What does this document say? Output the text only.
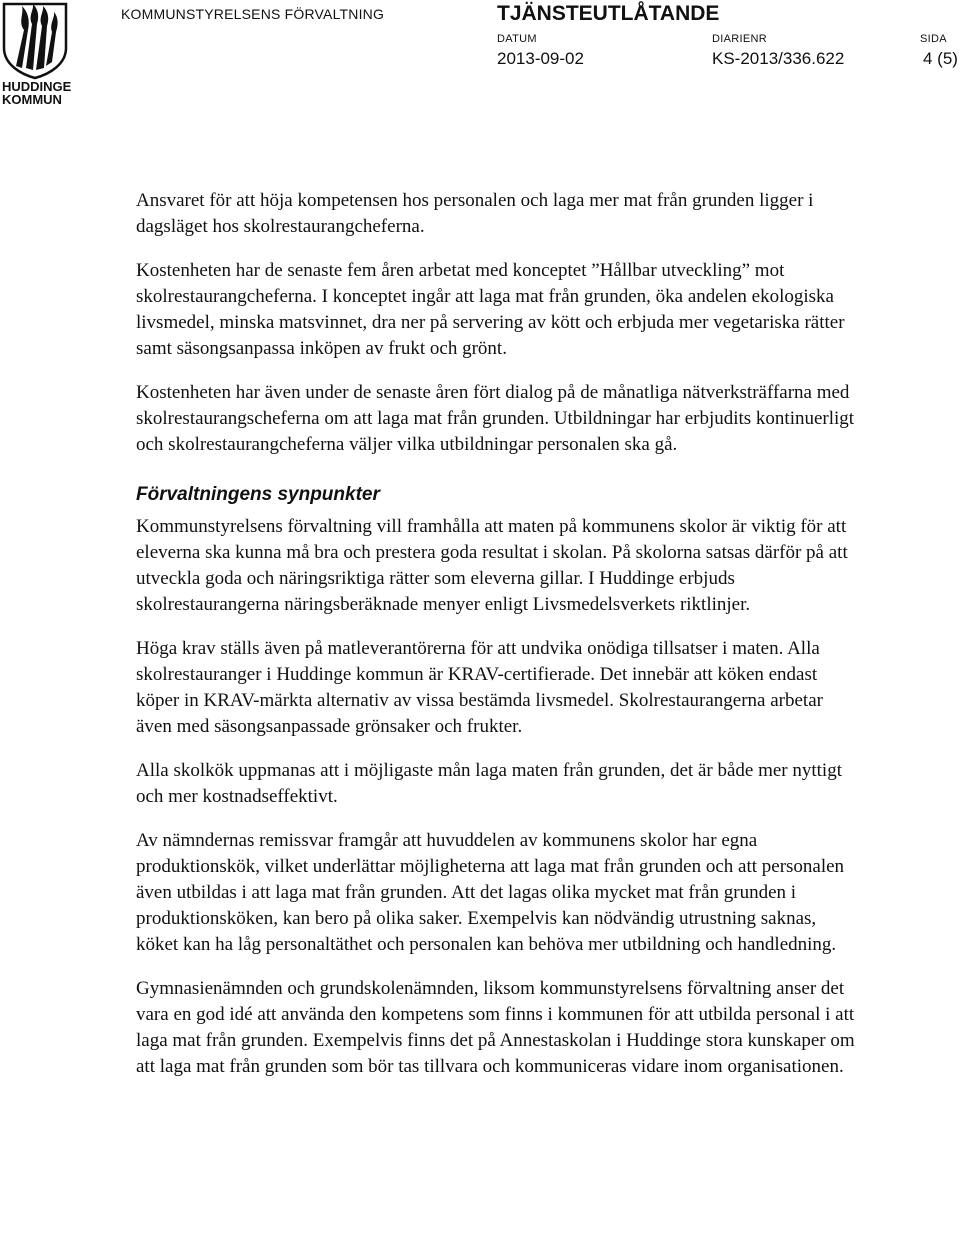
HUDDINGE
KOMMUN
KOMMUNSTYRELSENS FÖRVALTNING	TJÄNSTEUTLÅTANDE
DATUM
2013-09-02
DIARIENR
KS-2013/336.622
SIDA
4 (5)

Ansvaret för att höja kompetensen hos personalen och laga mer mat från grunden ligger i dagsläget hos skolrestaurangcheferna.

Kostenheten har de senaste fem åren arbetat med konceptet ”Hållbar utveckling” mot skolrestaurangcheferna. I konceptet ingår att laga mat från grunden, öka andelen ekologiska livsmedel, minska matsvinnet, dra ner på servering av kött och erbjuda mer vegetariska rätter samt säsongsanpassa inköpen av frukt och grönt.

Kostenheten har även under de senaste åren fört dialog på de månatliga nätverksträffarna med skolrestaurangscheferna om att laga mat från grunden. Utbildningar har erbjudits kontinuerligt och skolrestaurangcheferna väljer vilka utbildningar personalen ska gå.

Förvaltningens synpunkter

Kommunstyrelsens förvaltning vill framhålla att maten på kommunens skolor är viktig för att eleverna ska kunna må bra och prestera goda resultat i skolan. På skolorna satsas därför på att utveckla goda och näringsriktiga rätter som eleverna gillar. I Huddinge erbjuds skolrestaurangerna näringsberäknade menyer enligt Livsmedelsverkets riktlinjer.

Höga krav ställs även på matleverantörerna för att undvika onödiga tillsatser i maten. Alla skolrestauranger i Huddinge kommun är KRAV-certifierade. Det innebär att köken endast köper in KRAV-märkta alternativ av vissa bestämda livsmedel. Skolrestaurangerna arbetar även med säsongsanpassade grönsaker och frukter.

Alla skolkök uppmanas att i möjligaste mån laga maten från grunden, det är både mer nyttigt och mer kostnadseffektivt.

Av nämndernas remissvar framgår att huvuddelen av kommunens skolor har egna produktionskök, vilket underlättar möjligheterna att laga mat från grunden och att personalen även utbildas i att laga mat från grunden. Att det lagas olika mycket mat från grunden i produktionsköken, kan bero på olika saker. Exempelvis kan nödvändig utrustning saknas, köket kan ha låg personaltäthet och personalen kan behöva mer utbildning och handledning.

Gymnasienämnden och grundskolenämnden, liksom kommunstyrelsens förvaltning anser det vara en god idé att använda den kompetens som finns i kommunen för att utbilda personal i att laga mat från grunden. Exempelvis finns det på Annestaskolan i Huddinge stora kunskaper om att laga mat från grunden som bör tas tillvara och kommuniceras vidare inom organisationen.
